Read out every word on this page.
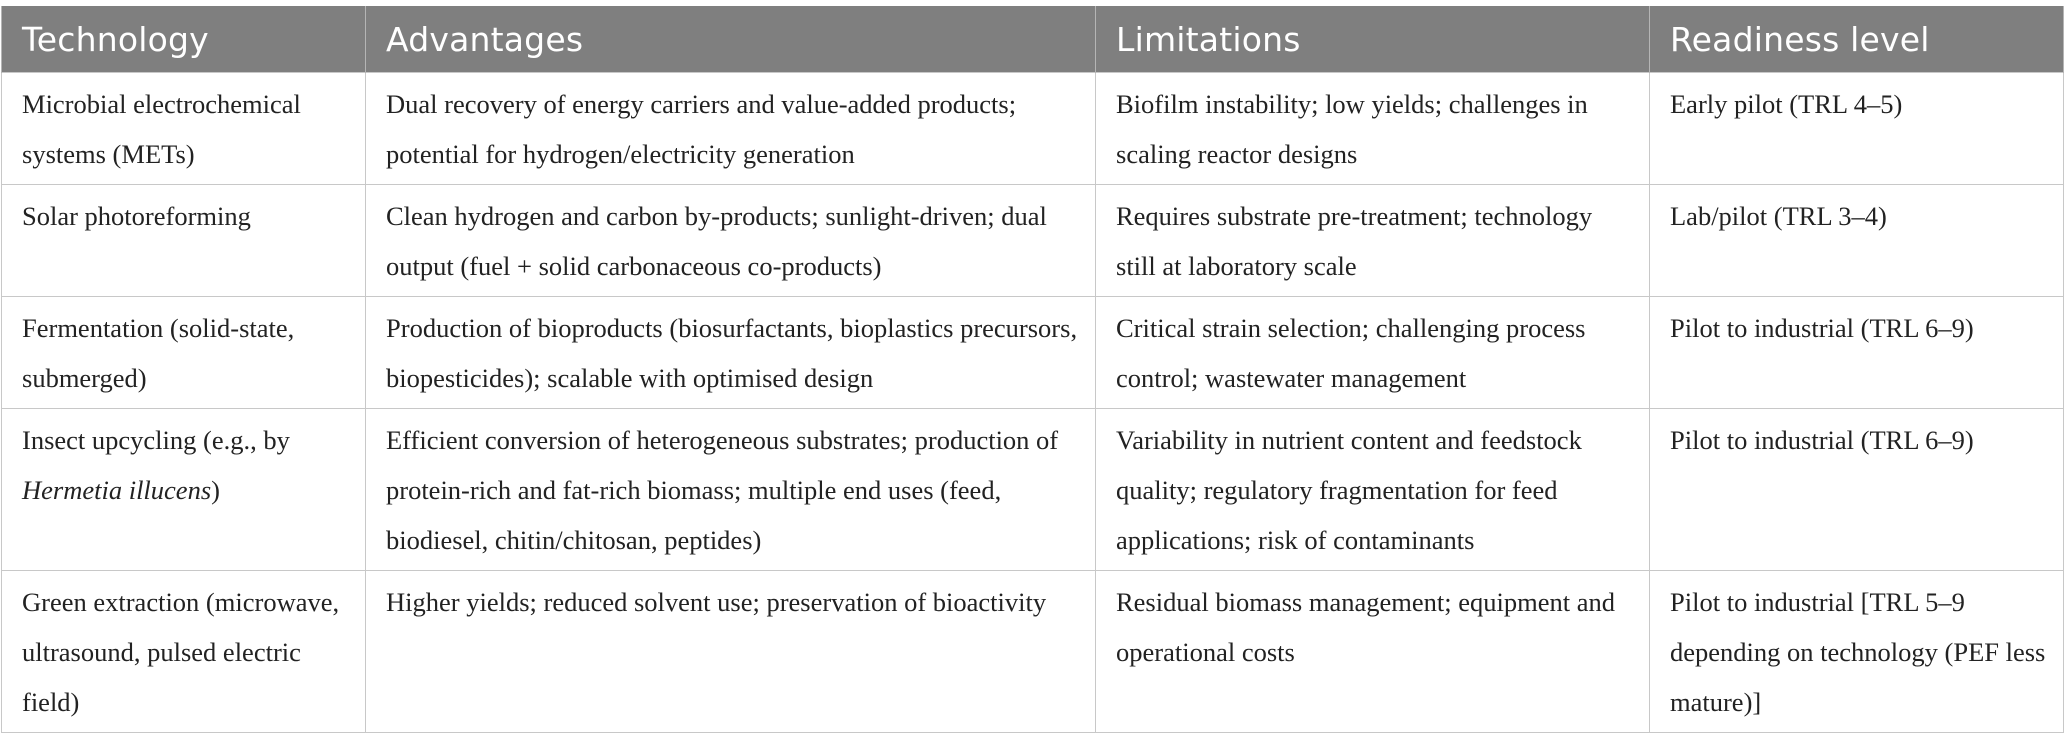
Technology	Advantages	Limitations	Readiness level
Microbial electrochemical systems (METs)	Dual recovery of energy carriers and value-added products; potential for hydrogen/electricity generation	Biofilm instability; low yields; challenges in scaling reactor designs	Early pilot (TRL 4–5)
Solar photoreforming	Clean hydrogen and carbon by-products; sunlight-driven; dual output (fuel + solid carbonaceous co-products)	Requires substrate pre-treatment; technology still at laboratory scale	Lab/pilot (TRL 3–4)
Fermentation (solid-state, submerged)	Production of bioproducts (biosurfactants, bioplastics precursors, biopesticides); scalable with optimised design	Critical strain selection; challenging process control; wastewater management	Pilot to industrial (TRL 6–9)
Insect upcycling (e.g., by Hermetia illucens)	Efficient conversion of heterogeneous substrates; production of protein-rich and fat-rich biomass; multiple end uses (feed, biodiesel, chitin/chitosan, peptides)	Variability in nutrient content and feedstock quality; regulatory fragmentation for feed applications; risk of contaminants	Pilot to industrial (TRL 6–9)
Green extraction (microwave, ultrasound, pulsed electric field)	Higher yields; reduced solvent use; preservation of bioactivity	Residual biomass management; equipment and operational costs	Pilot to industrial [TRL 5–9 depending on technology (PEF less mature)]
